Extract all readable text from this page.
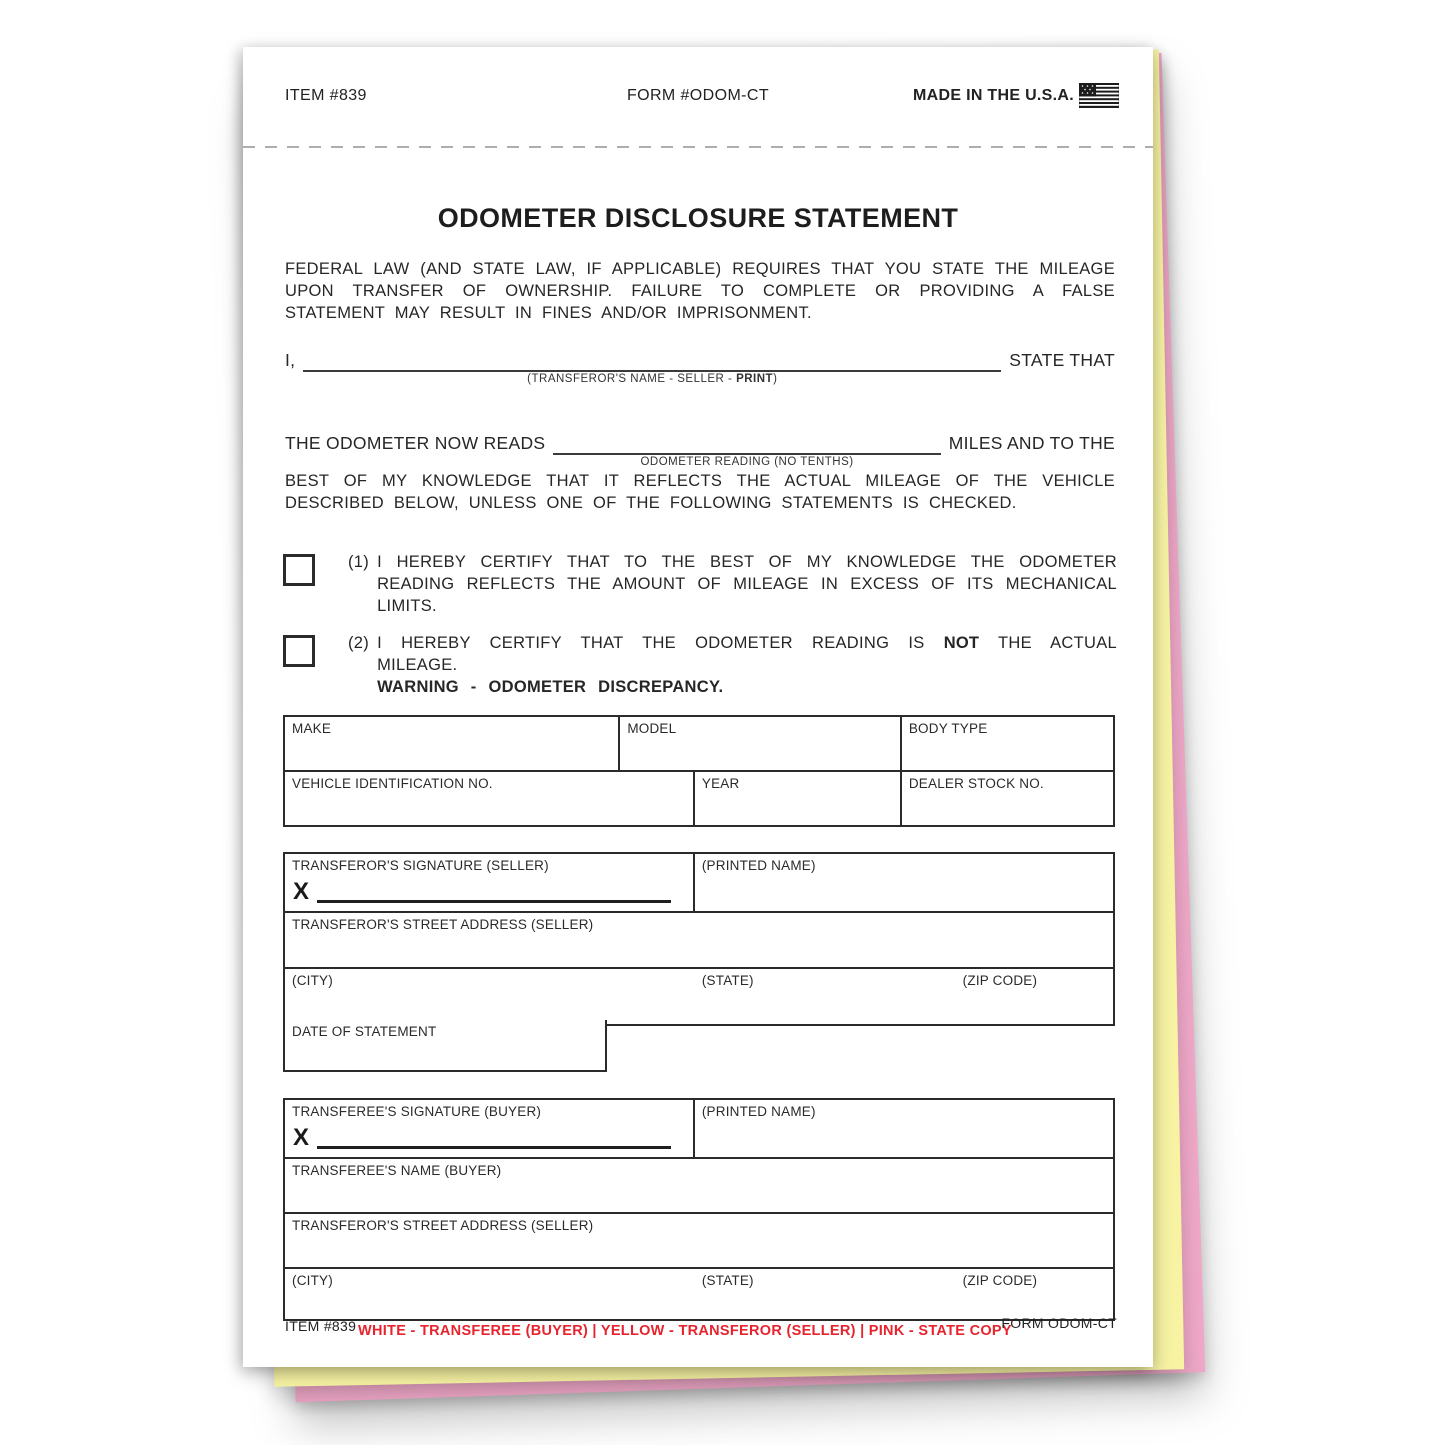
ITEM #839	FORM #ODOM-CT	MADE IN THE U.S.A.
ODOMETER DISCLOSURE STATEMENT
FEDERAL LAW (AND STATE LAW, IF APPLICABLE) REQUIRES THAT YOU STATE THE MILEAGE UPON TRANSFER OF OWNERSHIP. FAILURE TO COMPLETE OR PROVIDING A FALSE STATEMENT MAY RESULT IN FINES AND/OR IMPRISONMENT.
I,
(TRANSFEROR'S NAME - SELLER - PRINT)
STATE THAT
THE ODOMETER NOW READS
ODOMETER READING (NO TENTHS)
MILES AND TO THE
BEST OF MY KNOWLEDGE THAT IT REFLECTS THE ACTUAL MILEAGE OF THE VEHICLE DESCRIBED BELOW, UNLESS ONE OF THE FOLLOWING STATEMENTS IS CHECKED.
(1) I HEREBY CERTIFY THAT TO THE BEST OF MY KNOWLEDGE THE ODOMETER READING REFLECTS THE AMOUNT OF MILEAGE IN EXCESS OF ITS MECHANICAL LIMITS.
(2) I HEREBY CERTIFY THAT THE ODOMETER READING IS NOT THE ACTUAL MILEAGE.
WARNING - ODOMETER DISCREPANCY.
MAKE	MODEL	BODY TYPE
VEHICLE IDENTIFICATION NO.	YEAR	DEALER STOCK NO.
TRANSFEROR'S SIGNATURE (SELLER)
X
(PRINTED NAME)
TRANSFEROR'S STREET ADDRESS (SELLER)
(CITY)	(STATE)	(ZIP CODE)
DATE OF STATEMENT
TRANSFEREE'S SIGNATURE (BUYER)
X
(PRINTED NAME)
TRANSFEREE'S NAME (BUYER)
TRANSFEROR'S STREET ADDRESS (SELLER)
(CITY)	(STATE)	(ZIP CODE)
ITEM #839 WHITE - TRANSFEREE (BUYER) | YELLOW - TRANSFEROR (SELLER) | PINK - STATE COPY
FORM ODOM-CT
